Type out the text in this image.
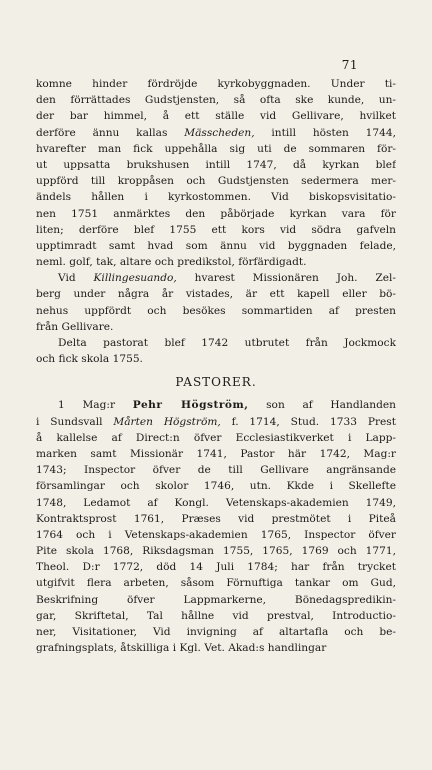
71
komne hinder fördröjde kyrkobyggnaden. Under ti-
den förrättades Gudstjensten, så ofta ske kunde, un-
der bar himmel, å ett ställe vid Gellivare, hvilket
derföre ännu kallas Mässcheden, intill hösten 1744,
hvarefter man fick uppehålla sig uti de sommaren för-
ut uppsatta brukshusen intill 1747, då kyrkan blef
uppförd till kroppåsen och Gudstjensten sedermera mer-
ändels hållen i kyrkostommen. Vid biskopsvisitatio-
nen 1751 anmärktes den påbörjade kyrkan vara för
liten; derföre blef 1755 ett kors vid södra gafveln
upptimradt samt hvad som ännu vid byggnaden felade,
neml. golf, tak, altare och predikstol, förfärdigadt.
Vid Killingesuando, hvarest Missionären Joh. Zel-
berg under några år vistades, är ett kapell eller bö-
nehus uppfördt och besökes sommartiden af presten
från Gellivare.
Delta pastorat blef 1742 utbrutet från Jockmock
och fick skola 1755.
PASTORER.
1 Mag:r Pehr Högström, son af Handlanden
i Sundsvall Mårten Högström, f. 1714, Stud. 1733 Prest
å kallelse af Direct:n öfver Ecclesiastikverket i Lapp-
marken samt Missionär 1741, Pastor här 1742, Mag:r
1743; Inspector öfver de till Gellivare angränsande
församlingar och skolor 1746, utn. Kkde i Skellefte
1748, Ledamot af Kongl. Vetenskaps-akademien 1749,
Kontraktsprost 1761, Præses vid prestmötet i Piteå
1764 och i Vetenskaps-akademien 1765, Inspector öfver
Pite skola 1768, Riksdagsman 1755, 1765, 1769 och 1771,
Theol. D:r 1772, död 14 Juli 1784; har från trycket
utgifvit flera arbeten, såsom Förnuftiga tankar om Gud,
Beskrifning öfver Lappmarkerne, Bönedagspredikin-
gar, Skriftetal, Tal hållne vid prestval, Introductio-
ner, Visitationer, Vid invigning af altartafla och be-
grafningsplats, åtskilliga i Kgl. Vet. Akad:s handlingar
